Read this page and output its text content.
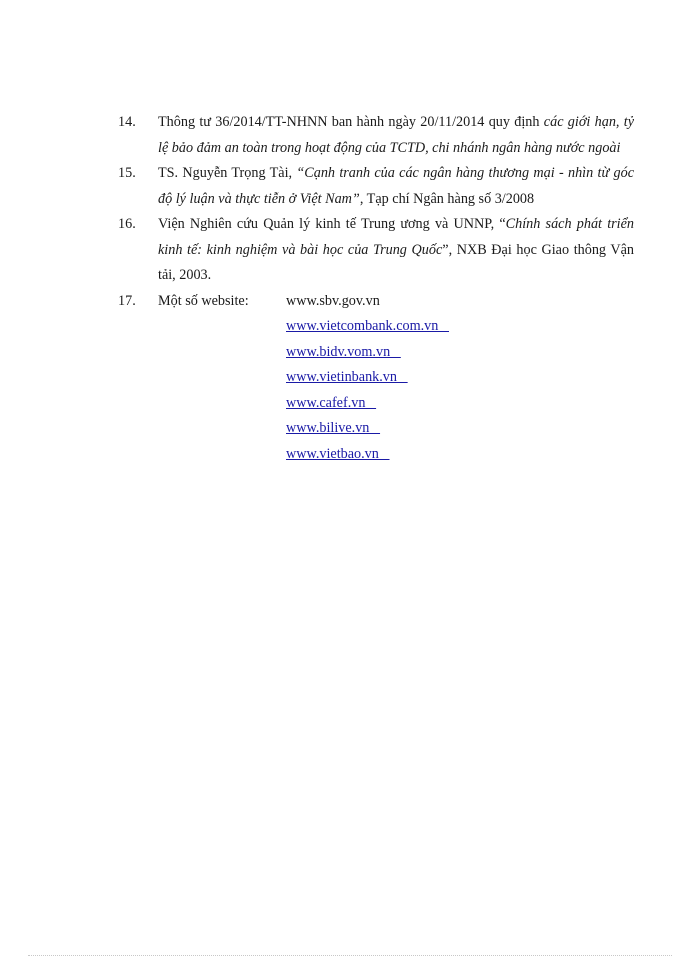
14. Thông tư 36/2014/TT-NHNN ban hành ngày 20/11/2014 quy định các giới hạn, tỷ lệ bảo đảm an toàn trong hoạt động của TCTD, chi nhánh ngân hàng nước ngoài
15. TS. Nguyễn Trọng Tài, “Cạnh tranh của các ngân hàng thương mại - nhìn từ góc độ lý luận và thực tiễn ở Việt Nam”, Tạp chí Ngân hàng số 3/2008
16. Viện Nghiên cứu Quản lý kinh tế Trung ương và UNNP, “Chính sách phát triển kinh tế: kinh nghiệm và bài học của Trung Quốc”, NXB Đại học Giao thông Vận tải, 2003.
17. Một số website:	www.sbv.gov.vn
www.vietcombank.com.vn
www.bidv.vom.vn
www.vietinbank.vn
www.cafef.vn
www.bilive.vn
www.vietbao.vn
